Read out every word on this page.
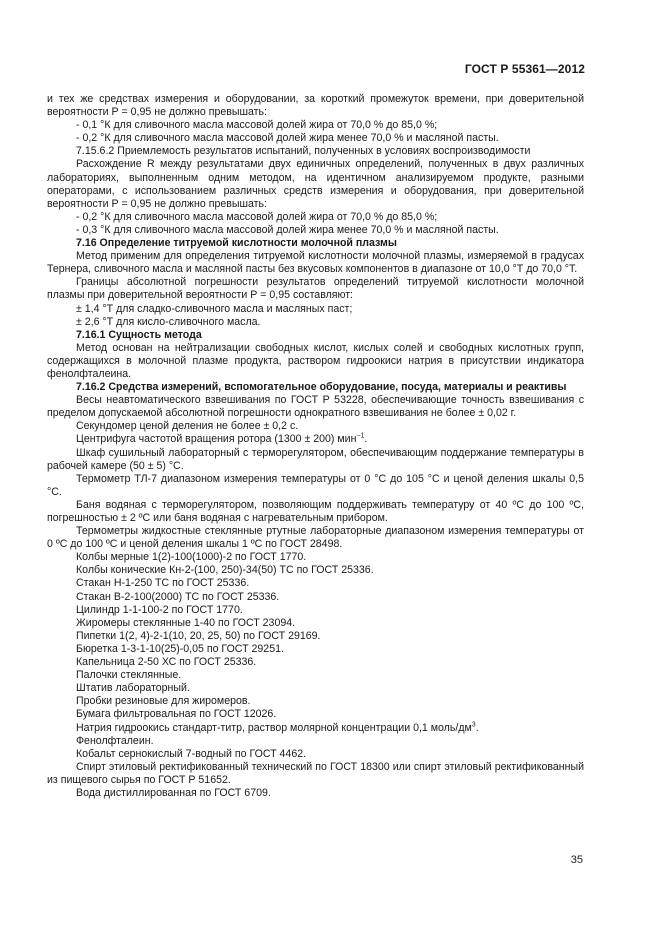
ГОСТ Р 55361—2012

и тех же средствах измерения и оборудовании, за короткий промежуток времени, при доверительной вероятности Р = 0,95 не должно превышать:

- 0,1 °К для сливочного масла массовой долей жира от 70,0 % до 85,0 %;

- 0,2 °К для сливочного масла массовой долей жира менее 70,0 % и масляной пасты.

7.15.6.2 Приемлемость результатов испытаний, полученных в условиях воспроизводимости

Расхождение R между результатами двух единичных определений, полученных в двух различных лабораториях, выполненным одним методом, на идентичном анализируемом продукте, разными операторами, с использованием различных средств измерения и оборудования, при доверительной вероятности Р = 0,95 не должно превышать:

- 0,2 °К для сливочного масла массовой долей жира от 70,0 % до 85,0 %;

- 0,3 °К для сливочного масла массовой долей жира менее 70,0 % и масляной пасты.

7.16 Определение титруемой кислотности молочной плазмы

Метод применим для определения титруемой кислотности молочной плазмы, измеряемой в градусах Тернера, сливочного масла и масляной пасты без вкусовых компонентов в диапазоне от 10,0 °Т до 70,0 °Т.

Границы абсолютной погрешности результатов определений титруемой кислотности молочной плазмы при доверительной вероятности Р = 0,95 составляют:

± 1,4 °Т для сладко-сливочного масла и масляных паст;

± 2,6 °Т для кисло-сливочного масла.

7.16.1 Сущность метода

Метод основан на нейтрализации свободных кислот, кислых солей и свободных кислотных групп, содержащихся в молочной плазме продукта, раствором гидроокиси натрия в присутствии индикатора фенолфталеина.

7.16.2 Средства измерений, вспомогательное оборудование, посуда, материалы и реактивы

Весы неавтоматического взвешивания по ГОСТ Р 53228, обеспечивающие точность взвешивания с пределом допускаемой абсолютной погрешности однократного взвешивания не более ± 0,02 г.

Секундомер ценой деления не более ± 0,2 с.

Центрифуга частотой вращения ротора (1300 ± 200) мин$^{-1}$.

Шкаф сушильный лабораторный с терморегулятором, обеспечивающим поддержание температуры в рабочей камере (50 ± 5) °С.

Термометр ТЛ-7 диапазоном измерения температуры от 0 °С до 105 °С и ценой деления шкалы 0,5 °С.

Баня водяная с терморегулятором, позволяющим поддерживать температуру от 40 ºС до 100 ºС, погрешностью ± 2 ºС или баня водяная с нагревательным прибором.

Термометры жидкостные стеклянные ртутные лабораторные диапазоном измерения температуры от 0 ºС до 100 ºС и ценой деления шкалы 1 ºС по ГОСТ 28498.

Колбы мерные 1(2)-100(1000)-2 по ГОСТ 1770.

Колбы конические Кн-2-(100, 250)-34(50) ТС по ГОСТ 25336.

Стакан Н-1-250 ТС по ГОСТ 25336.

Стакан В-2-100(2000) ТС по ГОСТ 25336.

Цилиндр 1-1-100-2 по ГОСТ 1770.

Жиромеры стеклянные 1-40 по ГОСТ 23094.

Пипетки 1(2, 4)-2-1(10, 20, 25, 50) по ГОСТ 29169.

Бюретка 1-3-1-10(25)-0,05 по ГОСТ 29251.

Капельница 2-50 ХС по ГОСТ 25336.

Палочки стеклянные.

Штатив лабораторный.

Пробки резиновые для жиромеров.

Бумага фильтровальная по ГОСТ 12026.

Натрия гидроокись стандарт-титр, раствор молярной концентрации 0,1 моль/$дм^3$.

Фенолфталеин.

Кобальт сернокислый 7-водный по ГОСТ 4462.

Спирт этиловый ректификованный технический по ГОСТ 18300 или спирт этиловый ректификованный из пищевого сырья по ГОСТ Р 51652.

Вода дистиллированная по ГОСТ 6709.

35
